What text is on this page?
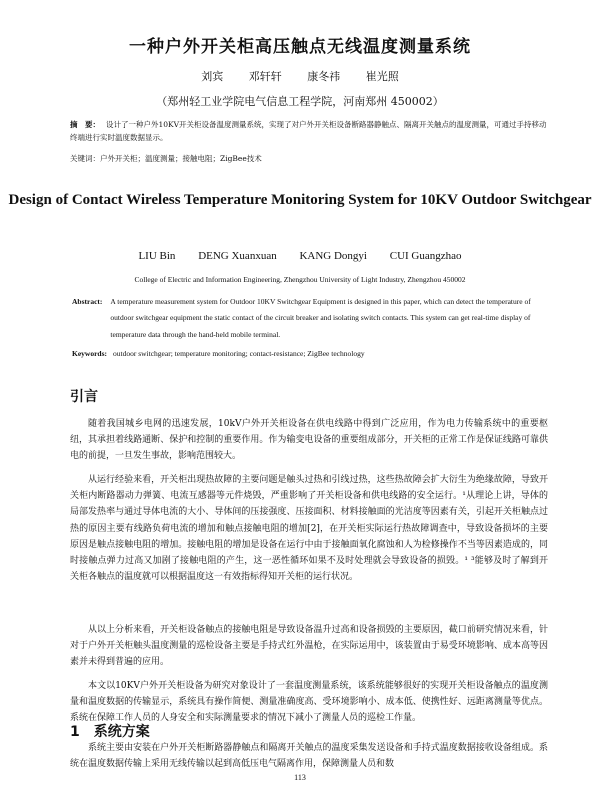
一种户外开关柜高压触点无线温度测量系统
刘宾 邓轩轩 康冬祎 崔光照
（郑州轻工业学院电气信息工程学院，河南郑州 450002）
摘　要： 设计了一种户外10KV开关柜设备温度测量系统，实现了对户外开关柜设备断路器静触点、隔离开关触点的温度测量，可通过手持移动终端进行实时温度数据显示。
关键词：户外开关柜；温度测量；接触电阻；ZigBee技术
Design of Contact Wireless Temperature Monitoring System for 10KV Outdoor Switchgear
LIU Bin DENG Xuanxuan KANG Dongyi CUI Guangzhao
College of Electric and Information Engineering, Zhengzhou University of Light Industry, Zhengzhou 450002
Abstract: A temperature measurement system for Outdoor 10KV Switchgear Equipment is designed in this paper, which can detect the temperature of outdoor switchgear equipment the static contact of the circuit breaker and isolating switch contacts. This system can get real-time display of temperature data through the hand-held mobile terminal.
Keywords: outdoor switchgear; temperature monitoring; contact-resistance; ZigBee technology
引言

随着我国城乡电网的迅速发展，10kV户外开关柜设备在供电线路中得到广泛应用，作为电力传输系统中的重要枢纽，其承担着线路通断、保护和控制的重要作用。作为输变电设备的重要组成部分，开关柜的正常工作是保证线路可靠供电的前提，一旦发生事故，影响范围较大。

从运行经验来看，开关柜出现热故障的主要问题是触头过热和引线过热，这些热故障会扩大衍生为绝缘故障，导致开关柜内断路器动力弹簧、电流互感器等元件烧毁，严重影响了开关柜设备和供电线路的安全运行。¹从理论上讲，导体的局部发热率与通过导体电流的大小、导体间的压接强度、压接面积、材料接触面的光洁度等因素有关，引起开关柜触点过热的原因主要有线路负荷电流的增加和触点接触电阻的增加[2]，在开关柜实际运行热故障调查中，导致设备损坏的主要原因是触点接触电阻的增加。接触电阻的增加是设备在运行中由于接触面氧化腐蚀和人为检修操作不当等因素造成的，同时接触点弹力过高又加剧了接触电阻的产生，这一恶性循环如果不及时处理就会导致设备的损毁。¹ ³能够及时了解到开关柜各触点的温度就可以根据温度这一有效指标得知开关柜的运行状况。

从以上分析来看，开关柜设备触点的接触电阻是导致设备温升过高和设备损毁的主要原因，截口前研究情况来看，针对于户外开关柜触头温度测量的巡检设备主要是手持式红外温枪，在实际运用中，该装置由于易受环境影响、成本高等因素并未得到普遍的应用。

本文以10KV户外开关柜设备为研究对象设计了一套温度测量系统，该系统能够很好的实现开关柜设备触点的温度测量和温度数据的传输显示，系统具有操作简便、测量准确度高、受环境影响小、成本低、使携性好、远距离测量等优点。系统在保障工作人员的人身安全和实际测量要求的情况下减小了测量人员的巡检工作量。

1　系统方案

系统主要由安装在户外开关柜断路器静触点和隔离开关触点的温度采集发送设备和手持式温度数据接收设备组成。系统在温度数据传输上采用无线传输以起到高低压电气隔离作用，保障测量人员和数

113
